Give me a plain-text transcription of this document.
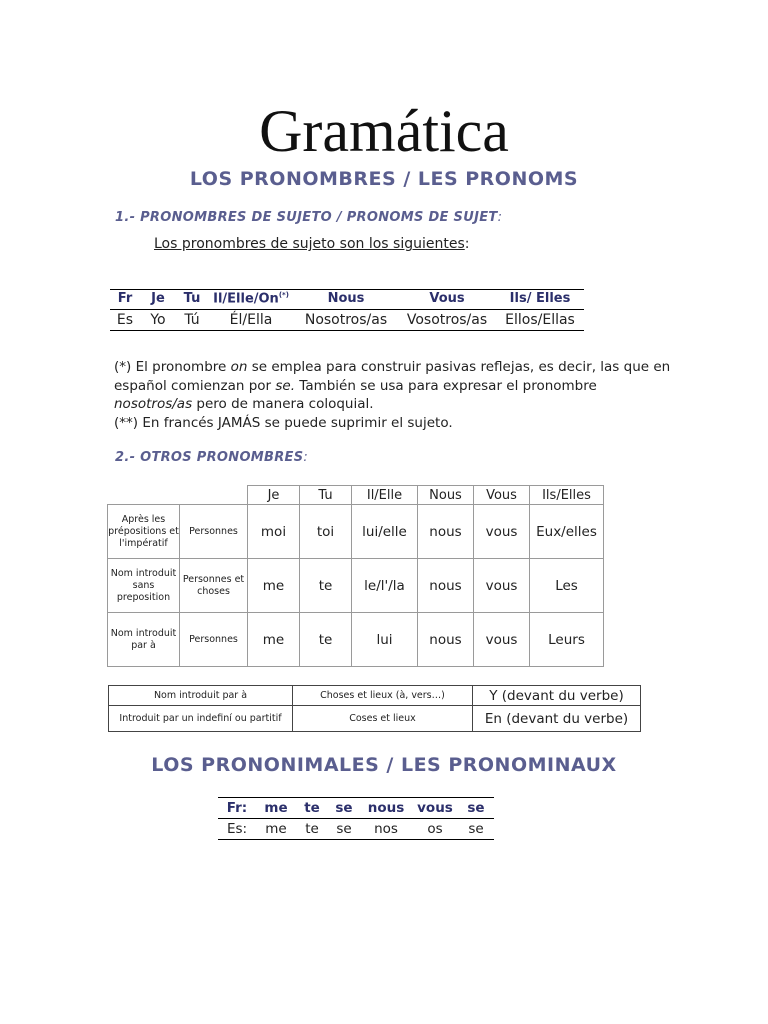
Gramática
LOS PRONOMBRES / LES PRONOMS
1.- PRONOMBRES DE SUJETO / PRONOMS DE SUJET:
Los pronombres de sujeto son los siguientes:
Fr	Je	Tu	Il/Elle/On(*)	Nous	Vous	Ils/ Elles
Es	Yo	Tú	Él/Ella	Nosotros/as	Vosotros/as	Ellos/Ellas
(*) El pronombre on se emplea para construir pasivas reflejas, es decir, las que en español comienzan por se. También se usa para expresar el pronombre nosotros/as pero de manera coloquial.
(**) En francés JAMÁS se puede suprimir el sujeto.
2.- OTROS PRONOMBRES:
		Je	Tu	Il/Elle	Nous	Vous	Ils/Elles
Après les prépositions et l'impératif	Personnes	moi	toi	lui/elle	nous	vous	Eux/elles
Nom introduit sans preposition	Personnes et choses	me	te	le/l'/la	nous	vous	Les
Nom introduit par à	Personnes	me	te	lui	nous	vous	Leurs
Nom introduit par à	Choses et lieux (à, vers…)	Y (devant du verbe)
Introduit par un indefiní ou partitif	Coses et lieux	En (devant du verbe)
LOS PRONONIMALES / LES PRONOMINAUX
Fr:	me	te	se	nous	vous	se
Es:	me	te	se	nos	os	se
